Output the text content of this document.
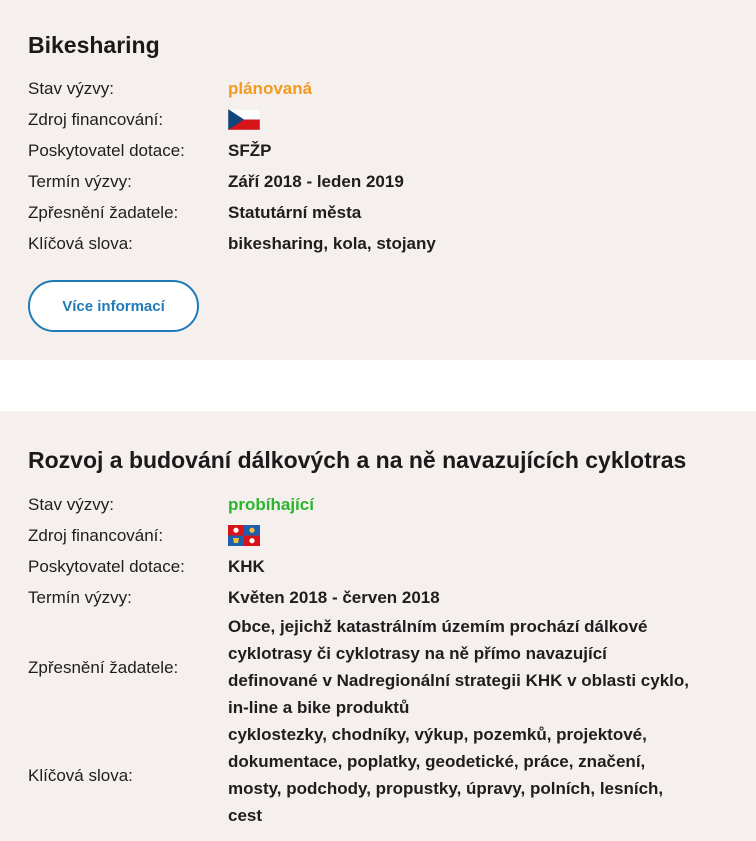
Bikesharing
Stav výzvy:	plánovaná
Zdroj financování:
Poskytovatel dotace:	SFŽP
Termín výzvy:	Září 2018 - leden 2019
Zpřesnění žadatele:	Statutární města
Klíčová slova:	bikesharing, kola, stojany
Více informací
Rozvoj a budování dálkových a na ně navazujících cyklotras
Stav výzvy:	probíhající
Zdroj financování:
Poskytovatel dotace:	KHK
Termín výzvy:	Květen 2018 - červen 2018
Zpřesnění žadatele:
Obce, jejichž katastrálním územím prochází dálkové cyklotrasy či cyklotrasy na ně přímo navazující definované v Nadregionální strategii KHK v oblasti cyklo, in-line a bike produktů
Klíčová slova:
cyklostezky, chodníky, výkup, pozemků, projektové, dokumentace, poplatky, geodetické, práce, značení, mosty, podchody, propustky, úpravy, polních, lesních, cest
